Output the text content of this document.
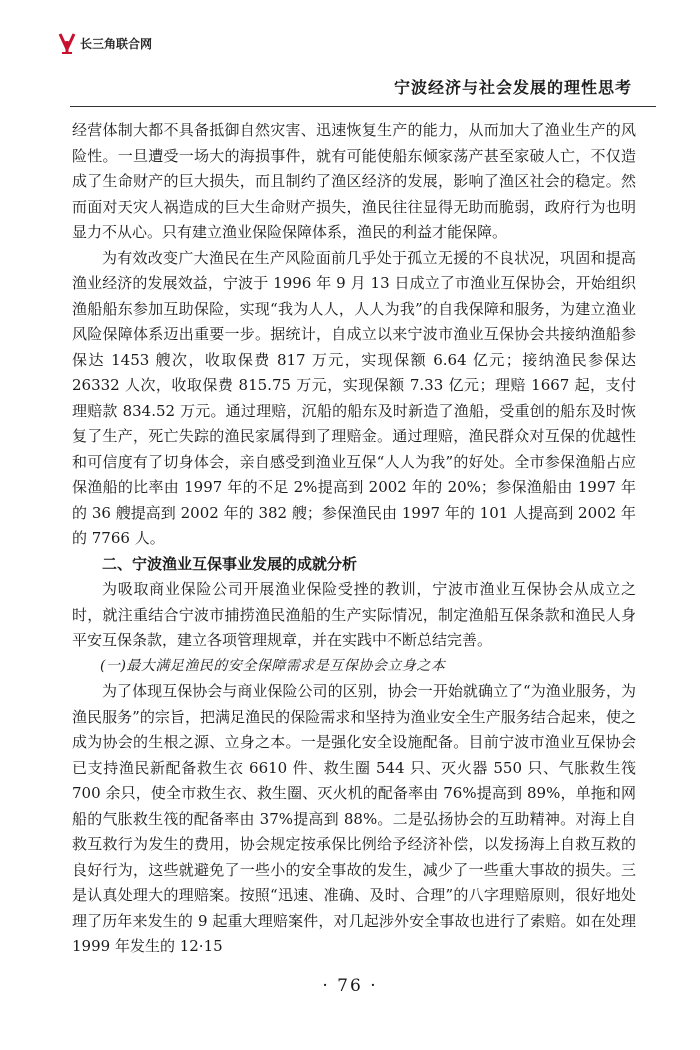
长三角联合网
宁波经济与社会发展的理性思考

经营体制大都不具备抵御自然灾害、迅速恢复生产的能力，从而加大了渔业生产的风险性。一旦遭受一场大的海损事件，就有可能使船东倾家荡产甚至家破人亡，不仅造成了生命财产的巨大损失，而且制约了渔区经济的发展，影响了渔区社会的稳定。然而面对天灾人祸造成的巨大生命财产损失，渔民往往显得无助而脆弱，政府行为也明显力不从心。只有建立渔业保险保障体系，渔民的利益才能保障。

为有效改变广大渔民在生产风险面前几乎处于孤立无援的不良状况，巩固和提高渔业经济的发展效益，宁波于 1996 年 9 月 13 日成立了市渔业互保协会，开始组织渔船船东参加互助保险，实现“我为人人，人人为我”的自我保障和服务，为建立渔业风险保障体系迈出重要一步。据统计，自成立以来宁波市渔业互保协会共接纳渔船参保达 1453 艘次，收取保费 817 万元，实现保额 6.64 亿元；接纳渔民参保达 26332 人次，收取保费 815.75 万元，实现保额 7.33 亿元；理赔 1667 起，支付理赔款 834.52 万元。通过理赔，沉船的船东及时新造了渔船，受重创的船东及时恢复了生产，死亡失踪的渔民家属得到了理赔金。通过理赔，渔民群众对互保的优越性和可信度有了切身体会，亲自感受到渔业互保“人人为我”的好处。全市参保渔船占应保渔船的比率由 1997 年的不足 2%提高到 2002 年的 20%；参保渔船由 1997 年的 36 艘提高到 2002 年的 382 艘；参保渔民由 1997 年的 101 人提高到 2002 年的 7766 人。

二、宁波渔业互保事业发展的成就分析

为吸取商业保险公司开展渔业保险受挫的教训，宁波市渔业互保协会从成立之时，就注重结合宁波市捕捞渔民渔船的生产实际情况，制定渔船互保条款和渔民人身平安互保条款，建立各项管理规章，并在实践中不断总结完善。

(一)最大满足渔民的安全保障需求是互保协会立身之本

为了体现互保协会与商业保险公司的区别，协会一开始就确立了“为渔业服务，为渔民服务”的宗旨，把满足渔民的保险需求和坚持为渔业安全生产服务结合起来，使之成为协会的生根之源、立身之本。一是强化安全设施配备。目前宁波市渔业互保协会已支持渔民新配备救生衣 6610 件、救生圈 544 只、灭火器 550 只、气胀救生筏 700 余只，使全市救生衣、救生圈、灭火机的配备率由 76%提高到 89%，单拖和网船的气胀救生筏的配备率由 37%提高到 88%。二是弘扬协会的互助精神。对海上自救互救行为发生的费用，协会规定按承保比例给予经济补偿，以发扬海上自救互救的良好行为，这些就避免了一些小的安全事故的发生，减少了一些重大事故的损失。三是认真处理大的理赔案。按照“迅速、准确、及时、合理”的八字理赔原则，很好地处理了历年来发生的 9 起重大理赔案件，对几起涉外安全事故也进行了索赔。如在处理 1999 年发生的 12·15

· 76 ·
